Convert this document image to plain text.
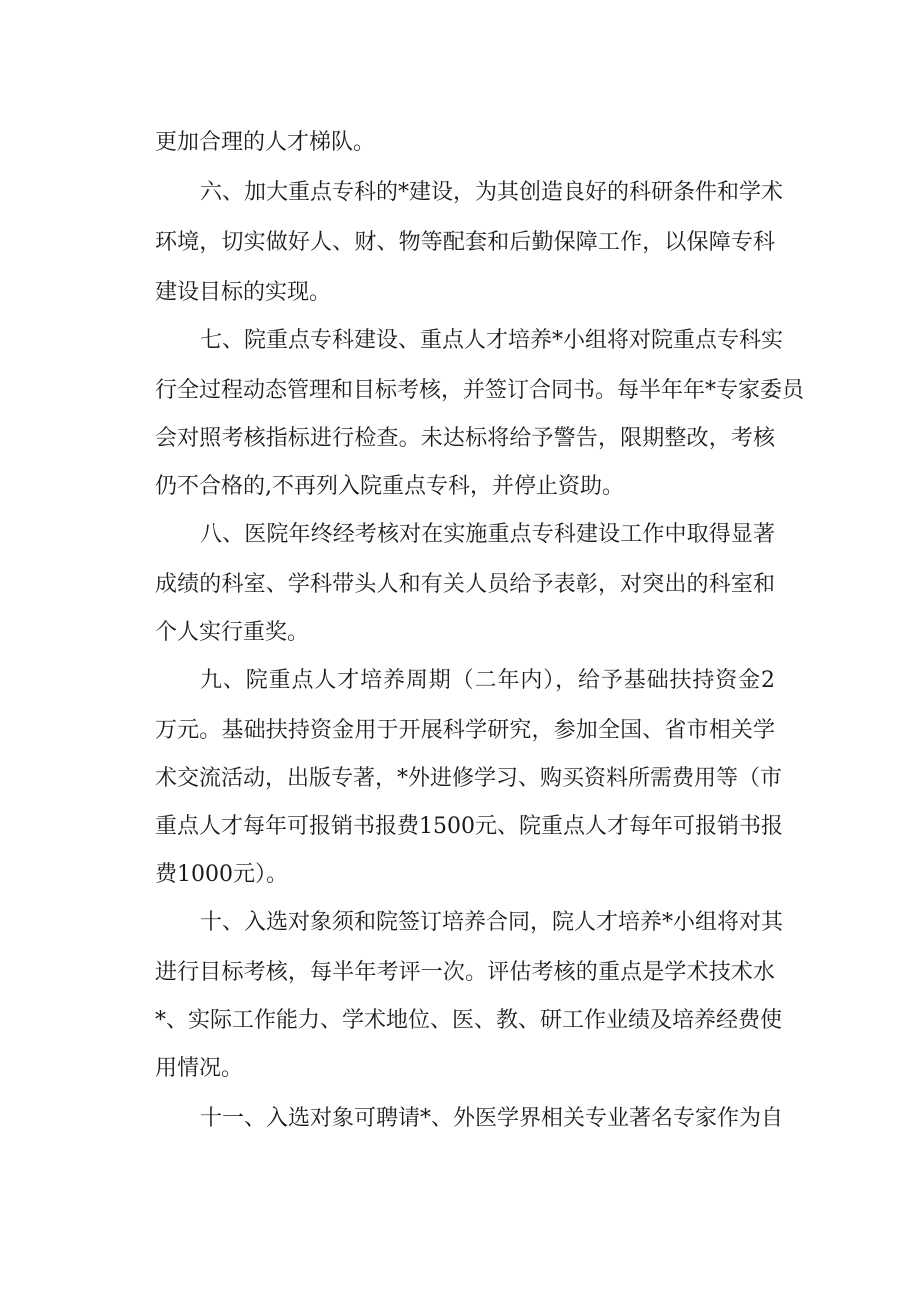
更加合理的人才梯队。

六、加大重点专科的*建设，为其创造良好的科研条件和学术

环境，切实做好人、财、物等配套和后勤保障工作，以保障专科

建设目标的实现。

七、院重点专科建设、重点人才培养*小组将对院重点专科实

行全过程动态管理和目标考核，并签订合同书。每半年年*专家委员

会对照考核指标进行检查。未达标将给予警告，限期整改，考核

仍不合格的,不再列入院重点专科，并停止资助。

八、医院年终经考核对在实施重点专科建设工作中取得显著

成绩的科室、学科带头人和有关人员给予表彰，对突出的科室和

个人实行重奖。

九、院重点人才培养周期（二年内），给予基础扶持资金2

万元。基础扶持资金用于开展科学研究，参加全国、省市相关学

术交流活动，出版专著，*外进修学习、购买资料所需费用等（市

重点人才每年可报销书报费1500元、院重点人才每年可报销书报

费1000元）。

十、入选对象须和院签订培养合同，院人才培养*小组将对其

进行目标考核，每半年考评一次。评估考核的重点是学术技术水

*、实际工作能力、学术地位、医、教、研工作业绩及培养经费使

用情况。

十一、入选对象可聘请*、外医学界相关专业著名专家作为自
